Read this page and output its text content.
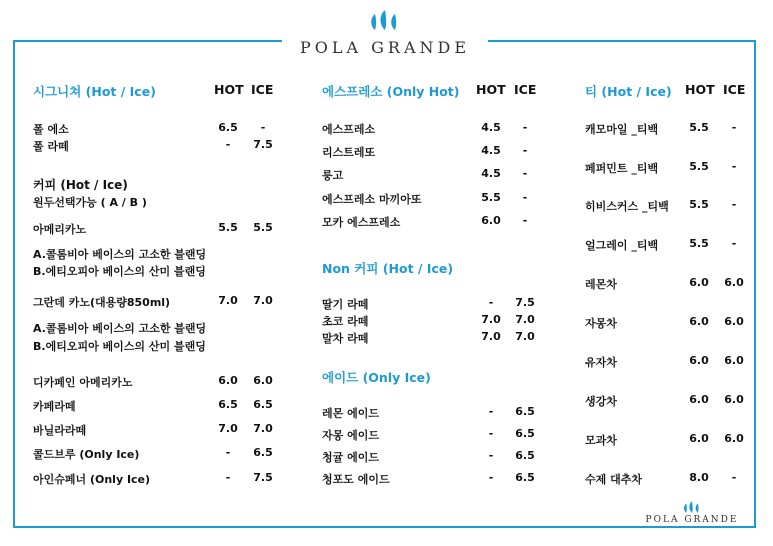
POLA GRANDE
시그니쳐 (Hot / Ice)	HOT ICE
폴 에소	6.5	-
폴 라떼	-	7.5
커피 (Hot / Ice)
원두선택가능 ( A / B )
아메리카노	5.5	5.5
A.콜롬비아 베이스의 고소한 블랜딩
B.에티오피아 베이스의 산미 블랜딩
그란데 카노(대용량850ml)	7.0	7.0
A.콜롬비아 베이스의 고소한 블랜딩
B.에티오피아 베이스의 산미 블랜딩
디카페인 아메리카노	6.0	6.0
카페라떼	6.5	6.5
바닐라라떼	7.0	7.0
콜드브루 (Only Ice)	-	6.5
아인슈페너 (Only Ice)	-	7.5
에스프레소 (Only Hot) HOT ICE
에스프레소	4.5	-
리스트레또	4.5	-
룽고	4.5	-
에스프레소 마끼아또	5.5	-
모카 에스프레소	6.0	-
Non 커피 (Hot / Ice)
딸기 라떼	-	7.5
초코 라떼	7.0	7.0
말차 라떼	7.0	7.0
에이드 (Only Ice)
레몬 에이드	-	6.5
자몽 에이드	-	6.5
청귤 에이드	-	6.5
청포도 에이드	-	6.5
티 (Hot / Ice) HOT ICE
캐모마일 _티백	5.5	-
페퍼민트 _티백	5.5	-
히비스커스 _티백	5.5	-
얼그레이 _티백	5.5	-
레몬차	6.0	6.0
자몽차	6.0	6.0
유자차	6.0	6.0
생강차	6.0	6.0
모과차	6.0	6.0
수제 대추차	8.0	-
POLA GRANDE
